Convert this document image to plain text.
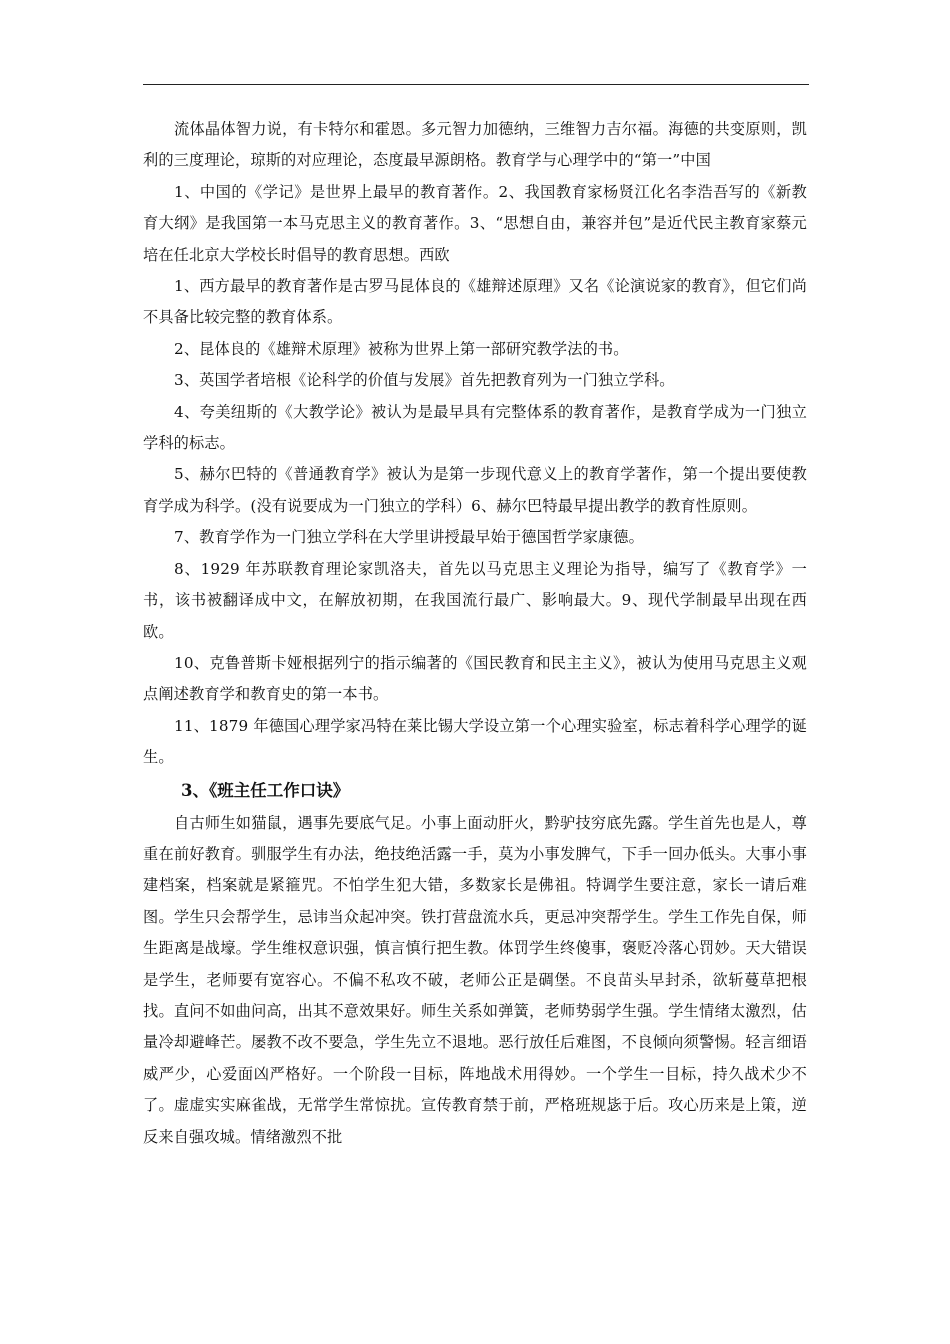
流体晶体智力说，有卡特尔和霍恩。多元智力加德纳，三维智力吉尔福。海德的共变原则，凯利的三度理论，琼斯的对应理论，态度最早源朗格。教育学与心理学中的“第一”中国

1、中国的《学记》是世界上最早的教育著作。2、我国教育家杨贤江化名李浩吾写的《新教育大纲》是我国第一本马克思主义的教育著作。3、“思想自由，兼容并包”是近代民主教育家蔡元培在任北京大学校长时倡导的教育思想。西欧

1、西方最早的教育著作是古罗马昆体良的《雄辩述原理》又名《论演说家的教育》，但它们尚不具备比较完整的教育体系。

2、昆体良的《雄辩术原理》被称为世界上第一部研究教学法的书。

3、英国学者培根《论科学的价值与发展》首先把教育列为一门独立学科。

4、夸美纽斯的《大教学论》被认为是最早具有完整体系的教育著作，是教育学成为一门独立学科的标志。

5、赫尔巴特的《普通教育学》被认为是第一步现代意义上的教育学著作，第一个提出要使教育学成为科学。(没有说要成为一门独立的学科）6、赫尔巴特最早提出教学的教育性原则。

7、教育学作为一门独立学科在大学里讲授最早始于德国哲学家康德。

8、1929 年苏联教育理论家凯洛夫，首先以马克思主义理论为指导，编写了《教育学》一书，该书被翻译成中文，在解放初期，在我国流行最广、影响最大。9、现代学制最早出现在西欧。

10、克鲁普斯卡娅根据列宁的指示编著的《国民教育和民主主义》，被认为使用马克思主义观点阐述教育学和教育史的第一本书。

11、1879 年德国心理学家冯特在莱比锡大学设立第一个心理实验室，标志着科学心理学的诞生。

3、《班主任工作口诀》

自古师生如猫鼠，遇事先要底气足。小事上面动肝火，黔驴技穷底先露。学生首先也是人，尊重在前好教育。驯服学生有办法，绝技绝活露一手，莫为小事发脾气，下手一回办低头。大事小事建档案，档案就是紧箍咒。不怕学生犯大错，多数家长是佛祖。特调学生要注意，家长一请后难图。学生只会帮学生，忌讳当众起冲突。铁打营盘流水兵，更忌冲突帮学生。学生工作先自保，师生距离是战壕。学生维权意识强，慎言慎行把生教。体罚学生终傻事，褒贬冷落心罚妙。天大错误是学生，老师要有宽容心。不偏不私攻不破，老师公正是碉堡。不良苗头早封杀，欲斩蔓草把根找。直问不如曲问高，出其不意效果好。师生关系如弹簧，老师势弱学生强。学生情绪太激烈，估量冷却避峰芒。屡教不改不要急，学生先立不退地。恶行放任后难图，不良倾向须警惕。轻言细语威严少，心爱面凶严格好。一个阶段一目标，阵地战术用得妙。一个学生一目标，持久战术少不了。虚虚实实麻雀战，无常学生常惊扰。宣传教育禁于前，严格班规毖于后。攻心历来是上策，逆反来自强攻城。情绪激烈不批
